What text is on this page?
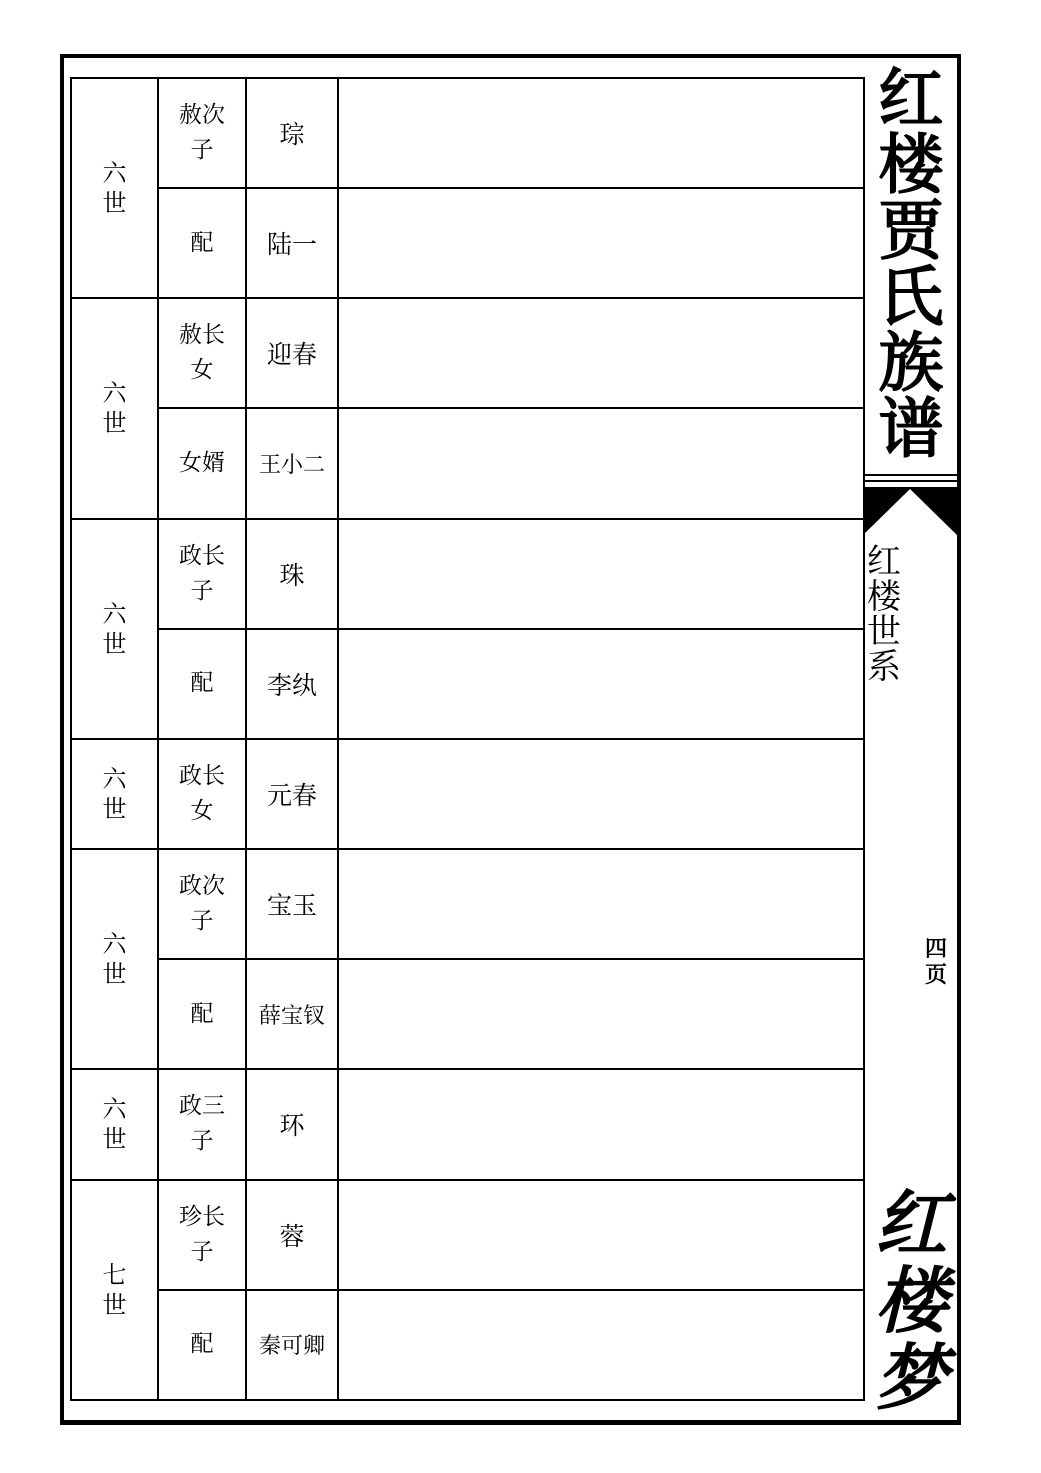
六世	赦次子	琮	
	配	陆一	
六世	赦长女	迎春	
	女婿	王小二	
六世	政长子	珠	
	配	李纨	
六世	政长女	元春	
六世	政次子	宝玉	
	配	薛宝钗	
六世	政三子	环	
七世	珍长子	蓉	
	配	秦可卿	
红楼贾氏族谱
红楼世系
四页
红楼梦
